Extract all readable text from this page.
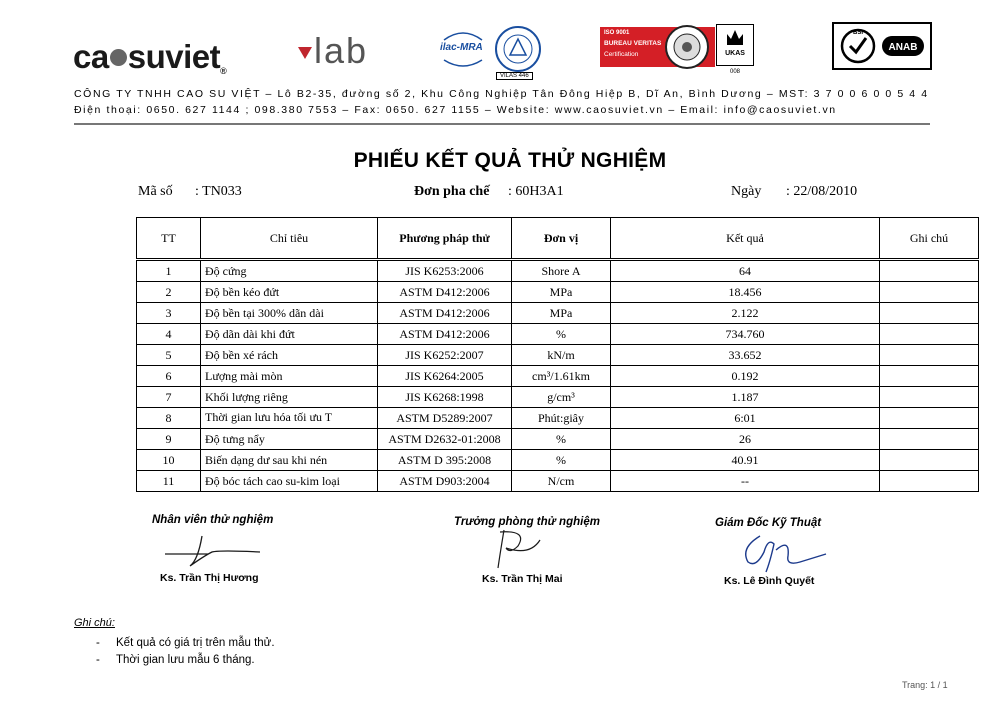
ca suviet®	lab	ilac-MRA
VILAS 446
ISO 9001
BUREAU VERITAS
Certification	UKAS
008
ANAB
BSI
CÔNG TY TNHH CAO SU VIỆT – Lô B2-35, đường số 2, Khu Công Nghiệp Tân Đông Hiệp B, Dĩ An, Bình Dương – MST: 3 7 0 0 6 0 0 5 4 4
Điện thoại: 0650. 627 1144 ; 098.380 7553 – Fax: 0650. 627 1155 – Website: www.caosuviet.vn – Email: info@caosuviet.vn
PHIẾU KẾT QUẢ THỬ NGHIỆM
Mã số : TN033	Đơn pha chế : 60H3A1	Ngày : 22/08/2010
TT	Chỉ tiêu	Phương pháp thử	Đơn vị	Kết quả	Ghi chú
1	Độ cứng	JIS K6253:2006	Shore A	64	
2	Độ bền kéo đứt	ASTM D412:2006	MPa	18.456	
3	Độ bền tại 300% dãn dài	ASTM D412:2006	MPa	2.122	
4	Độ dãn dài khi đứt	ASTM D412:2006	%	734.760	
5	Độ bền xé rách	JIS K6252:2007	kN/m	33.652	
6	Lượng mài mòn	JIS K6264:2005	cm³/1.61km	0.192	
7	Khối lượng riêng	JIS K6268:1998	g/cm³	1.187	
8	Thời gian lưu hóa tối ưu T	ASTM D5289:2007	Phút:giây	6:01	
9	Độ tưng nẩy	ASTM D2632-01:2008	%	26	
10	Biến dạng dư sau khi nén	ASTM D 395:2008	%	40.91	
11	Độ bóc tách cao su-kim loại	ASTM D903:2004	N/cm	--	
Nhân viên thử nghiệm
Ks. Trần Thị Hương
Trưởng phòng thử nghiệm
Ks. Trần Thị Mai
Giám Đốc Kỹ Thuật
Ks. Lê Đình Quyết
Ghi chú:
- Kết quả có giá trị trên mẫu thử.
- Thời gian lưu mẫu 6 tháng.
Trang: 1 / 1
